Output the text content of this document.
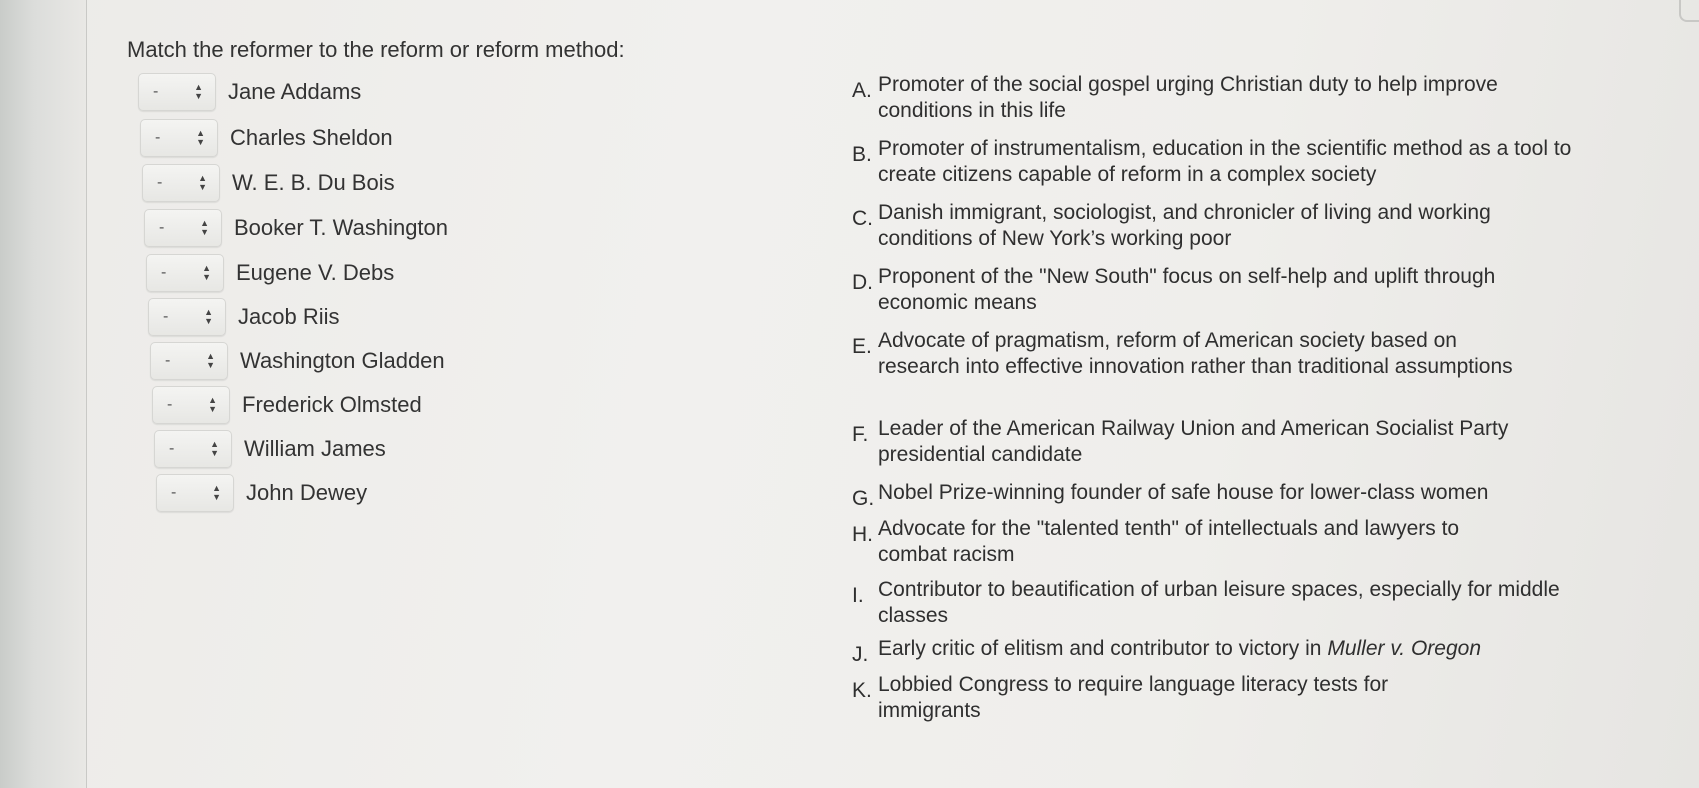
Match the reformer to the reform or reform method:
-	▲
▼ Jane Addams
-	▲
▼ Charles Sheldon
-	▲
▼ W. E. B. Du Bois
-	▲
▼ Booker T. Washington
-	▲
▼ Eugene V. Debs
-	▲
▼ Jacob Riis
-	▲
▼ Washington Gladden
-	▲
▼ Frederick Olmsted
-	▲
▼ William James
-	▲
▼ John Dewey
A. Promoter of the social gospel urging Christian duty to help improve conditions in this life
B. Promoter of instrumentalism, education in the scientific method as a tool to create citizens capable of reform in a complex society
C. Danish immigrant, sociologist, and chronicler of living and working conditions of New York’s working poor
D. Proponent of the "New South" focus on self-help and uplift through economic means
E. Advocate of pragmatism, reform of American society based on research into effective innovation rather than traditional assumptions
F. Leader of the American Railway Union and American Socialist Party presidential candidate
G. Nobel Prize-winning founder of safe house for lower-class women
H. Advocate for the "talented tenth" of intellectuals and lawyers to combat racism
I. Contributor to beautification of urban leisure spaces, especially for middle classes
J. Early critic of elitism and contributor to victory in Muller v. Oregon
K. Lobbied Congress to require language literacy tests for immigrants
